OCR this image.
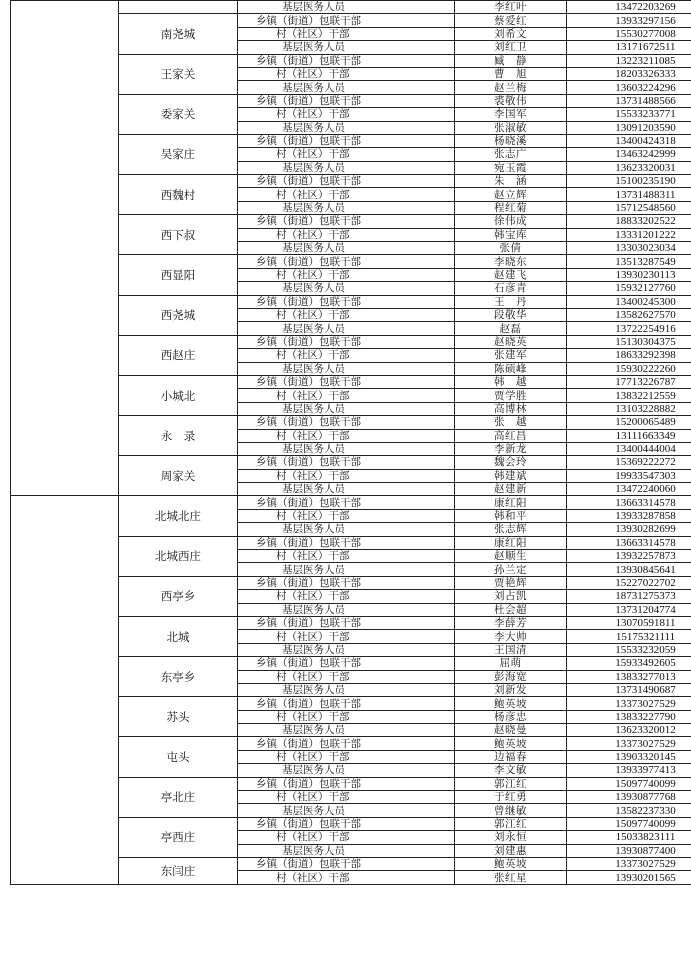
		基层医务人员	李红叶	13472203269
	南尧城	乡镇（街道）包联干部	蔡爱红	13933297156
		村（社区）干部	刘希文	15530277008
		基层医务人员	刘红卫	13171672511
	王家关	乡镇（街道）包联干部	臧　静	13223211085
		村（社区）干部	曹　旭	18203326333
		基层医务人员	赵兰梅	13603224296
	委家关	乡镇（街道）包联干部	裘敬伟	13731488566
		村（社区）干部	李国军	15533233771
		基层医务人员	张淑敏	13091203590
	吴家庄	乡镇（街道）包联干部	杨晓溪	13400424318
		村（社区）干部	张志广	13463242999
		基层医务人员	宛玉霞	13623320031
	西魏村	乡镇（街道）包联干部	朱　涵	15100235190
		村（社区）干部	赵立辉	13731488311
		基层医务人员	程红菊	15712548560
	西下叔	乡镇（街道）包联干部	徐伟成	18833202522
		村（社区）干部	韩宝库	13331201222
		基层医务人员	张倩	13303023034
	西显阳	乡镇（街道）包联干部	李晓东	13513287549
		村（社区）干部	赵建飞	13930230113
		基层医务人员	石彦青	15932127760
	西尧城	乡镇（街道）包联干部	王　丹	13400245300
		村（社区）干部	段敬华	13582627570
		基层医务人员	赵磊	13722254916
	西赵庄	乡镇（街道）包联干部	赵晓英	15130304375
		村（社区）干部	张建军	18633292398
		基层医务人员	陈硕峰	15930222260
	小城北	乡镇（街道）包联干部	韩　越	17713226787
		村（社区）干部	贾学胜	13832212559
		基层医务人员	高博林	13103228882
	永　录	乡镇（街道）包联干部	张　越	15200065489
		村（社区）干部	高红昌	13111663349
		基层医务人员	李新龙	13400444004
	周家关	乡镇（街道）包联干部	魏会玲	15369222272
		村（社区）干部	韩建斌	19933547303
		基层医务人员	赵建新	13472240060
	北城北庄	乡镇（街道）包联干部	康红阳	13663314578
		村（社区）干部	韩和平	13933287858
		基层医务人员	张志辉	13930282699
	北城西庄	乡镇（街道）包联干部	康红阳	13663314578
		村（社区）干部	赵顺生	13932257873
		基层医务人员	孙兰定	13930845641
	西亭乡	乡镇（街道）包联干部	贾艳辉	15227022702
		村（社区）干部	刘占凯	18731275373
		基层医务人员	杜会超	13731204774
	北城	乡镇（街道）包联干部	李薛芳	13070591811
		村（社区）干部	李大帅	15175321111
		基层医务人员	王国清	15533232059
	东亭乡	乡镇（街道）包联干部	屈萌	15933492605
		村（社区）干部	彭海宽	13833277013
		基层医务人员	刘新发	13731490687
	苏头	乡镇（街道）包联干部	鲍英坡	13373027529
		村（社区）干部	杨彦忠	13833227790
		基层医务人员	赵晓曼	13623320012
	屯头	乡镇（街道）包联干部	鲍英坡	13373027529
		村（社区）干部	边福春	13903320145
		基层医务人员	李文敏	13933977413
	亭北庄	乡镇（街道）包联干部	郭江红	15097740099
		村（社区）干部	于红勇	13930877768
		基层医务人员	曾继敏	13582237330
	亭西庄	乡镇（街道）包联干部	郭江红	15097740099
		村（社区）干部	刘永恒	15033823111
		基层医务人员	刘建惠	13930877400
	东闫庄	乡镇（街道）包联干部	鲍英坡	13373027529
		村（社区）干部	张红星	13930201565
